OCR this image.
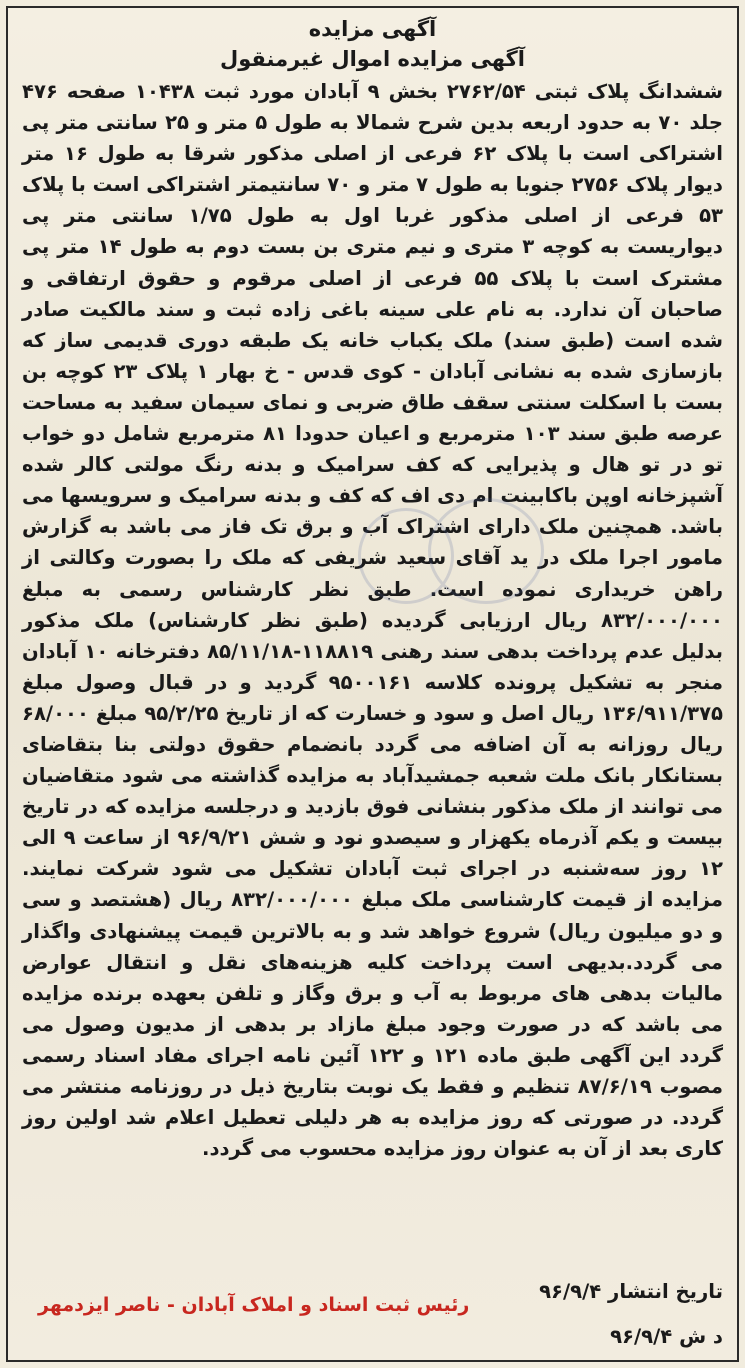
آگهی مزایده
آگهی مزایده اموال غیرمنقول
ششدانگ پلاک ثبتی ۲۷۶۲/۵۴ بخش ۹ آبادان مورد ثبت ۱۰۴۳۸ صفحه ۴۷۶ جلد ۷۰ به حدود اربعه بدین شرح شمالا به طول ۵ متر و ۲۵ سانتی متر پی اشتراکی است با پلاک ۶۲ فرعی از اصلی مذکور شرقا به طول ۱۶ متر دیوار پلاک ۲۷۵۶ جنوبا به طول ۷ متر و ۷۰ سانتیمتر اشتراکی است با پلاک ۵۳ فرعی از اصلی مذکور غربا اول به طول ۱/۷۵ سانتی متر پی دیواریست به کوچه ۳ متری و نیم متری بن بست دوم به طول ۱۴ متر پی مشترک است با پلاک ۵۵ فرعی از اصلی مرقوم و حقوق ارتفاقی و صاحبان آن ندارد. به نام علی سینه باغی زاده ثبت و سند مالکیت صادر شده است (طبق سند) ملک یکباب خانه یک طبقه دوری قدیمی ساز که بازسازی شده به نشانی آبادان - کوی قدس - خ بهار ۱ پلاک ۲۳ کوچه بن بست با اسکلت سنتی سقف طاق ضربی و نمای سیمان سفید به مساحت عرصه طبق سند ۱۰۳ مترمربع و اعیان حدودا ۸۱ مترمربع شامل دو خواب تو در تو هال و پذیرایی که کف سرامیک و بدنه رنگ مولتی کالر شده آشپزخانه اوپن باکابینت ام دی اف که کف و بدنه سرامیک و سرویسها می باشد. همچنین ملک دارای اشتراک آب و برق تک فاز می باشد به گزارش مامور اجرا ملک در ید آقای سعید شریفی که ملک را بصورت وکالتی از راهن خریداری نموده است. طبق نظر کارشناس رسمی به مبلغ ۸۳۲/۰۰۰/۰۰۰ ریال ارزیابی گردیده (طبق نظر کارشناس) ملک مذکور بدلیل عدم پرداخت بدهی سند رهنی ۱۱۸۸۱۹-۸۵/۱۱/۱۸ دفترخانه ۱۰ آبادان منجر به تشکیل پرونده کلاسه ۹۵۰۰۱۶۱ گردید و در قبال وصول مبلغ ۱۳۶/۹۱۱/۳۷۵ ریال اصل و سود و خسارت که از تاریخ ۹۵/۲/۲۵ مبلغ ۶۸/۰۰۰ ریال روزانه به آن اضافه می گردد بانضمام حقوق دولتی بنا بتقاضای بستانکار بانک ملت شعبه جمشیدآباد به مزایده گذاشته می شود متقاضیان می توانند از ملک مذکور بنشانی فوق بازدید و درجلسه مزایده که در تاریخ بیست و یکم آذرماه یکهزار و سیصدو نود و شش ۹۶/۹/۲۱ از ساعت ۹ الی ۱۲ روز سه‌شنبه در اجرای ثبت آبادان تشکیل می شود شرکت نمایند. مزایده از قیمت کارشناسی ملک مبلغ ۸۳۲/۰۰۰/۰۰۰ ریال (هشتصد و سی و دو میلیون ریال) شروع خواهد شد و به بالاترین قیمت پیشنهادی واگذار می گردد.بدیهی است پرداخت کلیه هزینه‌های نقل و انتقال عوارض مالیات بدهی های مربوط به آب و برق وگاز و تلفن بعهده برنده مزایده می باشد که در صورت وجود مبلغ مازاد بر بدهی از مدیون وصول می گردد این آگهی طبق ماده ۱۲۱ و ۱۲۲ آئین نامه اجرای مفاد اسناد رسمی مصوب ۸۷/۶/۱۹ تنظیم و فقط یک نوبت بتاریخ ذیل در روزنامه منتشر می گردد. در صورتی که روز مزایده به هر دلیلی تعطیل اعلام شد اولین روز کاری بعد از آن به عنوان روز مزایده محسوب می گردد.
تاریخ انتشار ۹۶/۹/۴
رئیس ثبت اسناد و املاک آبادان - ناصر ایزدمهر
د ش ۹۶/۹/۴
